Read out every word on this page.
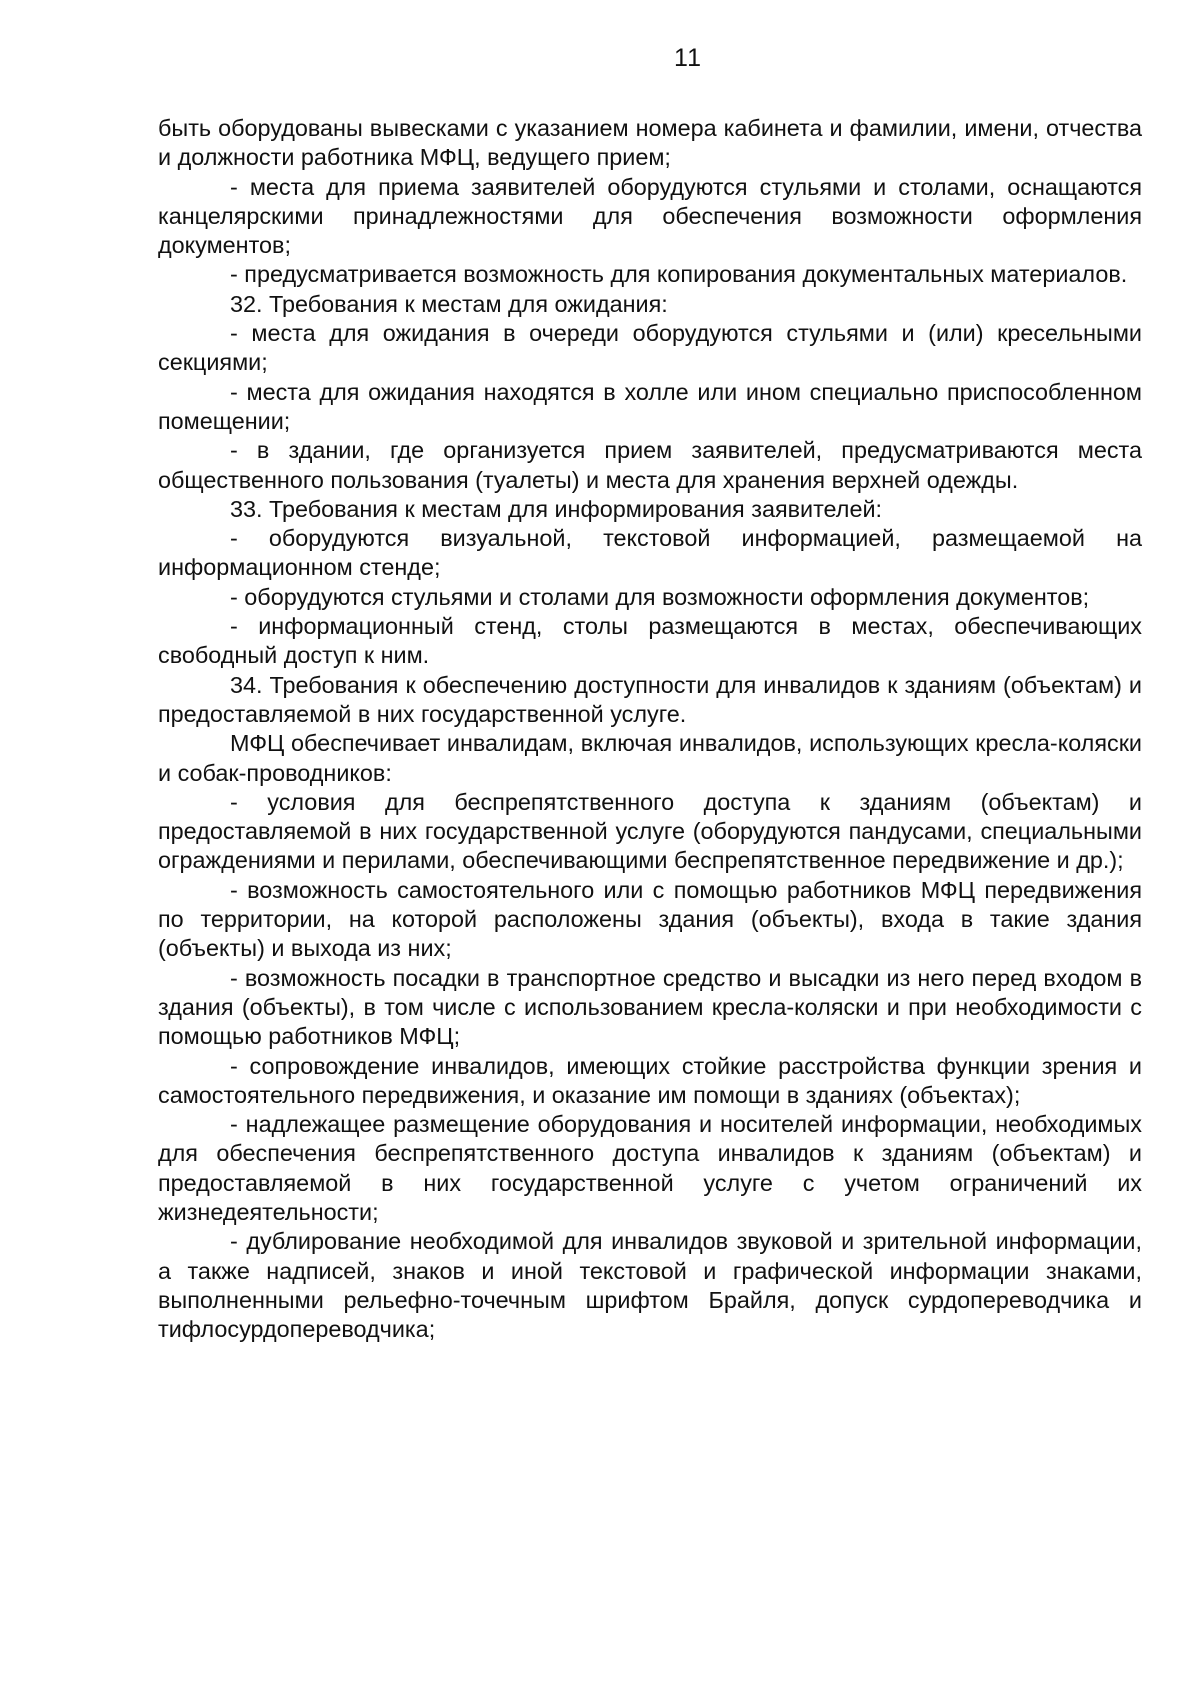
11

быть оборудованы вывесками с указанием номера кабинета и фамилии, имени, отчества и должности работника МФЦ, ведущего прием;

- места для приема заявителей оборудуются стульями и столами, оснащаются канцелярскими принадлежностями для обеспечения возможности оформления документов;

- предусматривается возможность для копирования документальных материалов.

32. Требования к местам для ожидания:

- места для ожидания в очереди оборудуются стульями и (или) кресельными секциями;

- места для ожидания находятся в холле или ином специально приспособленном помещении;

- в здании, где организуется прием заявителей, предусматриваются места общественного пользования (туалеты) и места для хранения верхней одежды.

33. Требования к местам для информирования заявителей:

- оборудуются визуальной, текстовой информацией, размещаемой на информационном стенде;

- оборудуются стульями и столами для возможности оформления документов;

- информационный стенд, столы размещаются в местах, обеспечивающих свободный доступ к ним.

34. Требования к обеспечению доступности для инвалидов к зданиям (объектам) и предоставляемой в них государственной услуге.

МФЦ обеспечивает инвалидам, включая инвалидов, использующих кресла-коляски и собак-проводников:

- условия для беспрепятственного доступа к зданиям (объектам) и предоставляемой в них государственной услуге (оборудуются пандусами, специальными ограждениями и перилами, обеспечивающими беспрепятственное передвижение и др.);

- возможность самостоятельного или с помощью работников МФЦ передвижения по территории, на которой расположены здания (объекты), входа в такие здания (объекты) и выхода из них;

- возможность посадки в транспортное средство и высадки из него перед входом в здания (объекты), в том числе с использованием кресла-коляски и при необходимости с помощью работников МФЦ;

- сопровождение инвалидов, имеющих стойкие расстройства функции зрения и самостоятельного передвижения, и оказание им помощи в зданиях (объектах);

- надлежащее размещение оборудования и носителей информации, необходимых для обеспечения беспрепятственного доступа инвалидов к зданиям (объектам) и предоставляемой в них государственной услуге с учетом ограничений их жизнедеятельности;

- дублирование необходимой для инвалидов звуковой и зрительной информации, а также надписей, знаков и иной текстовой и графической информации знаками, выполненными рельефно-точечным шрифтом Брайля, допуск сурдопереводчика и тифлосурдопереводчика;
